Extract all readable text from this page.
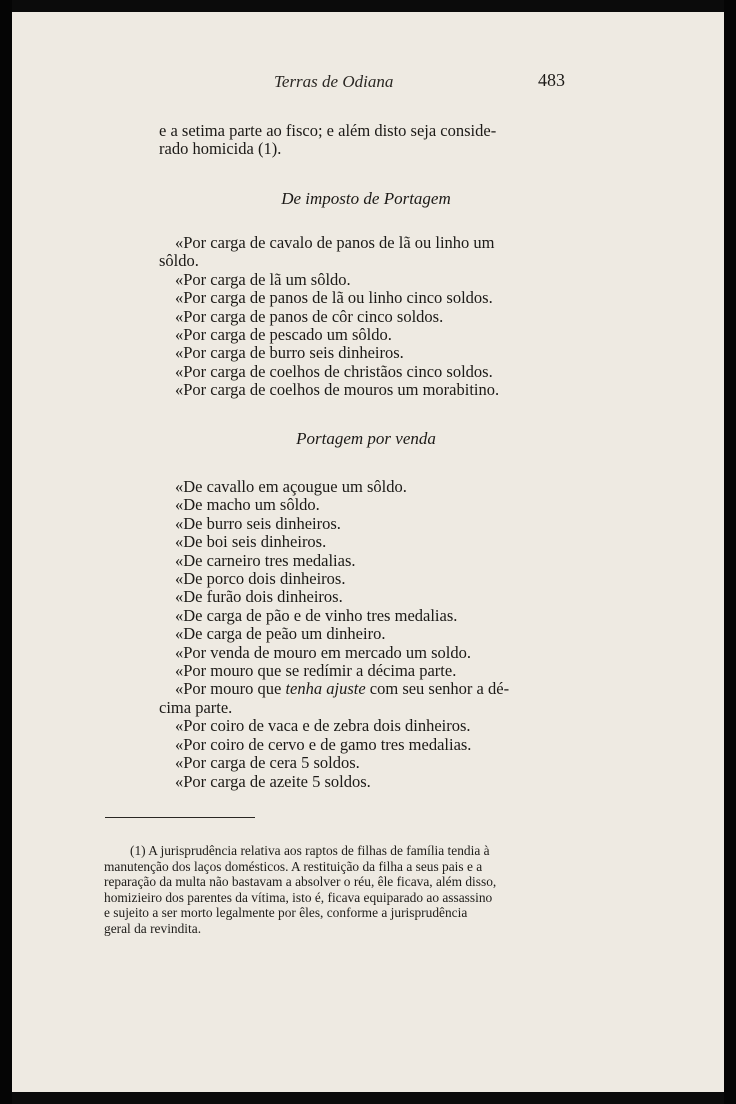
Terras de Odiana	483
e a setima parte ao fisco; e além disto seja conside-
rado homicida (1).
De imposto de Portagem
«Por carga de cavalo de panos de lã ou linho um
sôldo.
«Por carga de lã um sôldo.
«Por carga de panos de lã ou linho cinco soldos.
«Por carga de panos de côr cinco soldos.
«Por carga de pescado um sôldo.
«Por carga de burro seis dinheiros.
«Por carga de coelhos de christãos cinco soldos.
«Por carga de coelhos de mouros um morabitino.
Portagem por venda
«De cavallo em açougue um sôldo.
«De macho um sôldo.
«De burro seis dinheiros.
«De boi seis dinheiros.
«De carneiro tres medalias.
«De porco dois dinheiros.
«De furão dois dinheiros.
«De carga de pão e de vinho tres medalias.
«De carga de peão um dinheiro.
«Por venda de mouro em mercado um soldo.
«Por mouro que se redímir a décima parte.
«Por mouro que tenha ajuste com seu senhor a dé-
cima parte.
«Por coiro de vaca e de zebra dois dinheiros.
«Por coiro de cervo e de gamo tres medalias.
«Por carga de cera 5 soldos.
«Por carga de azeite 5 soldos.
(1) A jurisprudência relativa aos raptos de filhas de família tendia à
manutenção dos laços domésticos. A restituição da filha a seus pais e a
reparação da multa não bastavam a absolver o réu, êle ficava, além disso,
homizieiro dos parentes da vítima, isto é, ficava equiparado ao assassino
e sujeito a ser morto legalmente por êles, conforme a jurisprudência
geral da revindita.
